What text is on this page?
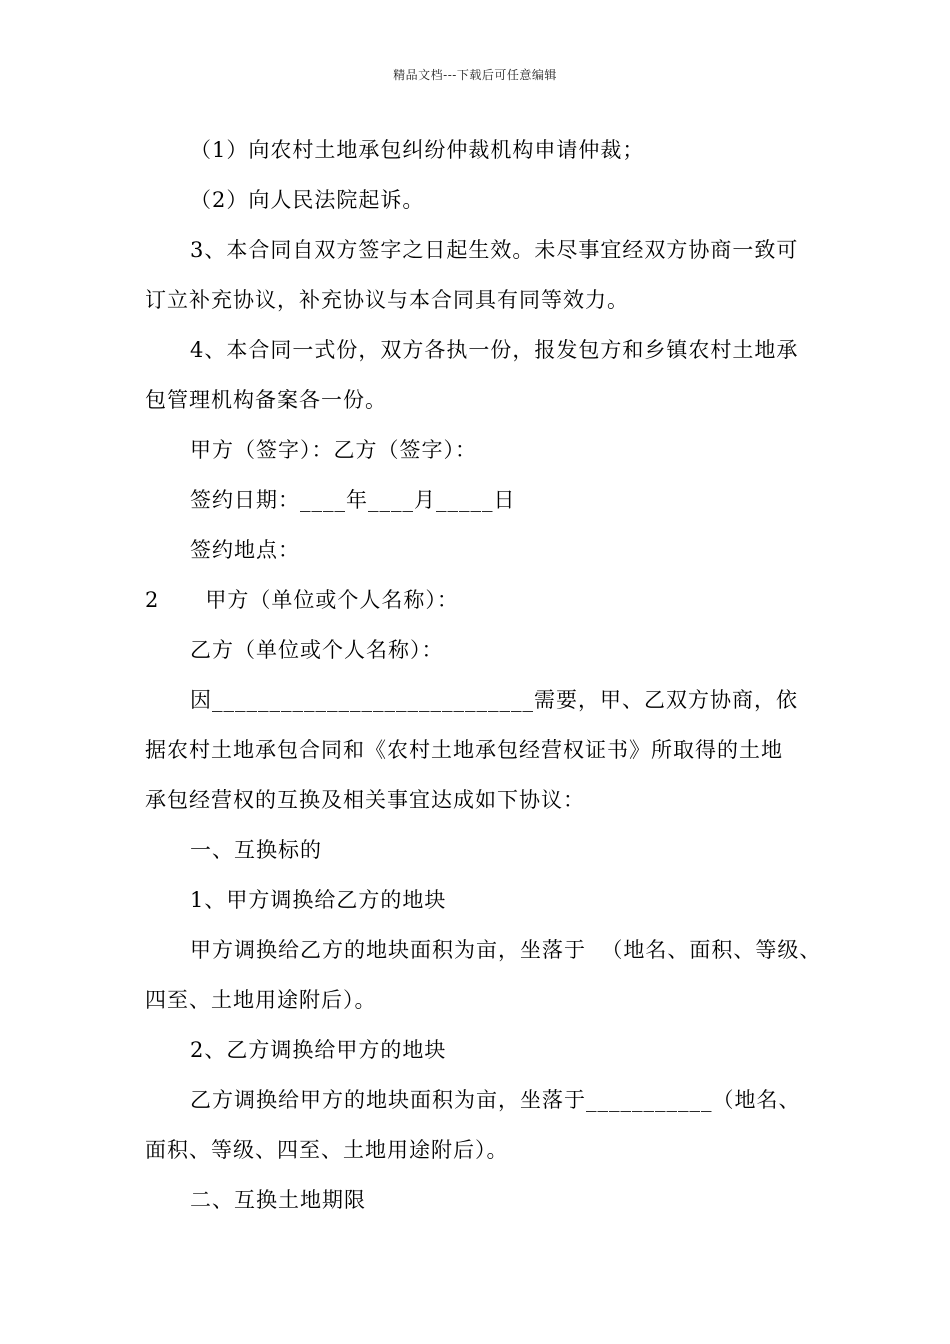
精品文档---下载后可任意编辑
（1）向农村土地承包纠纷仲裁机构申请仲裁；
（2）向人民法院起诉。
3、本合同自双方签字之日起生效。未尽事宜经双方协商一致可
订立补充协议，补充协议与本合同具有同等效力。
4、本合同一式份，双方各执一份，报发包方和乡镇农村土地承
包管理机构备案各一份。
甲方（签字）：乙方（签字）：
签约日期：____年____月_____日
签约地点：
2      甲方（单位或个人名称）：
乙方（单位或个人名称）：
因____________________________需要，甲、乙双方协商，依
据农村土地承包合同和《农村土地承包经营权证书》所取得的土地
承包经营权的互换及相关事宜达成如下协议：
一、互换标的
1、甲方调换给乙方的地块
甲方调换给乙方的地块面积为亩，坐落于  （地名、面积、等级、
四至、土地用途附后）。
2、乙方调换给甲方的地块
乙方调换给甲方的地块面积为亩，坐落于___________（地名、
面积、等级、四至、土地用途附后）。
二、互换土地期限
